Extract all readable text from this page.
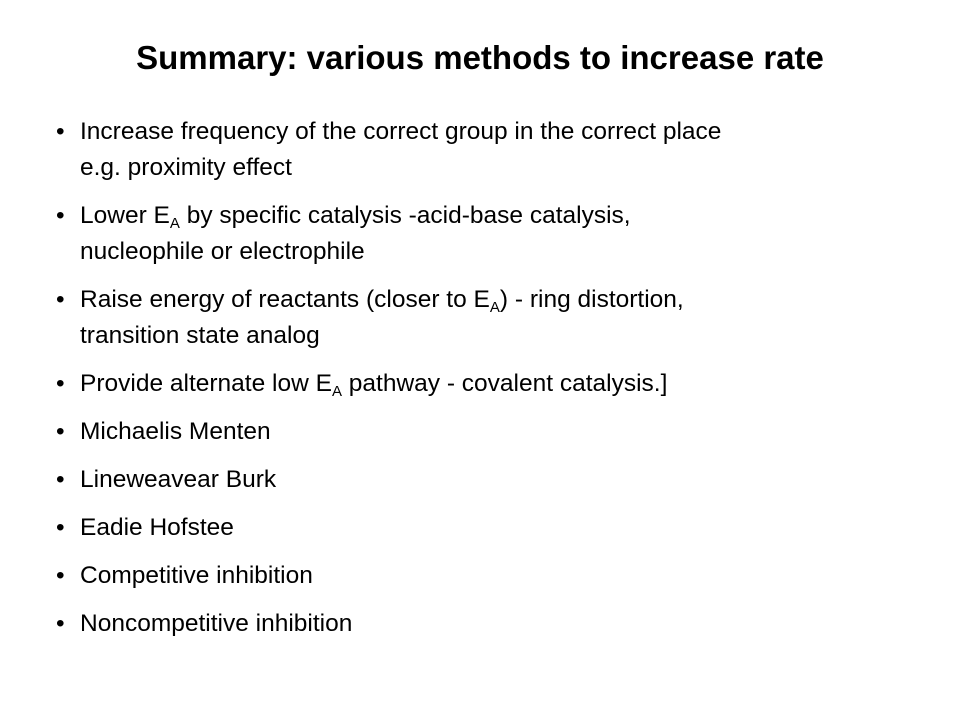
Summary: various methods to increase rate
• Increase frequency of the correct group in the correct place
e.g. proximity effect
• Lower $E_A$ by specific catalysis -acid-base catalysis,
nucleophile or electrophile
• Raise energy of reactants (closer to $E_A$) - ring distortion,
transition state analog
• Provide alternate low $E_A$ pathway - covalent catalysis.]
• Michaelis Menten
• Lineweavear Burk
• Eadie Hofstee
• Competitive inhibition
• Noncompetitive inhibition
